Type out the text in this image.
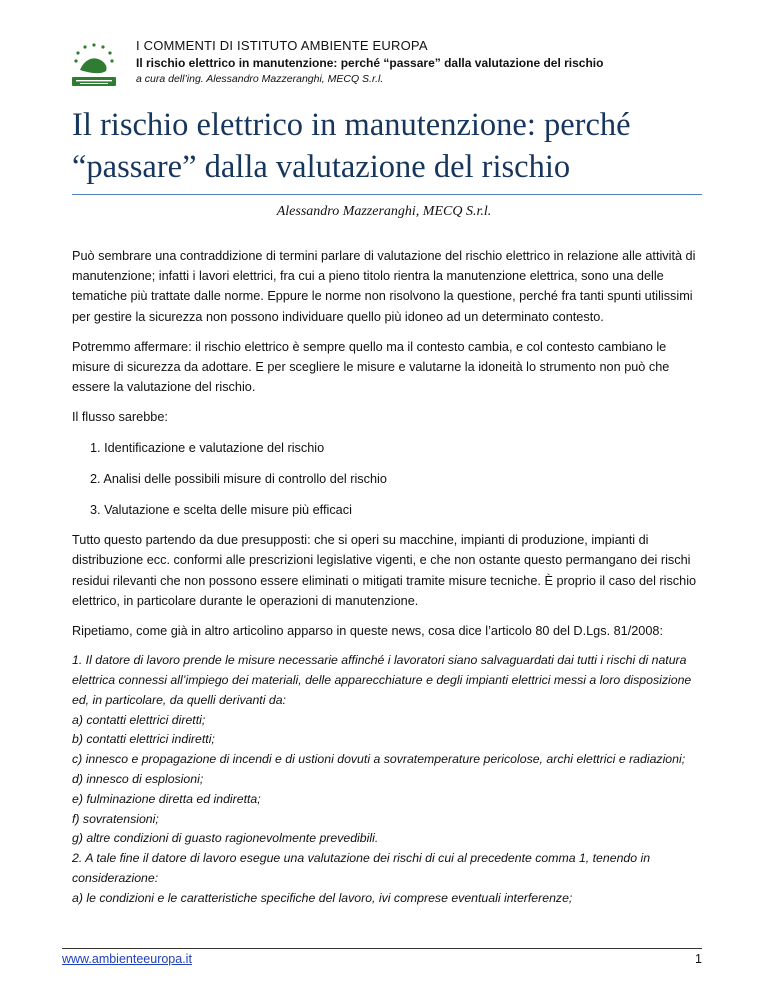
I COMMENTI DI ISTITUTO AMBIENTE EUROPA
Il rischio elettrico in manutenzione: perché “passare” dalla valutazione del rischio
a cura dell’ing. Alessandro Mazzeranghi, MECQ S.r.l.
Il rischio elettrico in manutenzione: perché “passare” dalla valutazione del rischio
Alessandro Mazzeranghi, MECQ S.r.l.

Può sembrare una contraddizione di termini parlare di valutazione del rischio elettrico in relazione alle attività di manutenzione; infatti i lavori elettrici, fra cui a pieno titolo rientra la manutenzione elettrica, sono una delle tematiche più trattate dalle norme. Eppure le norme non risolvono la questione, perché fra tanti spunti utilissimi per gestire la sicurezza non possono individuare quello più idoneo ad un determinato contesto.

Potremmo affermare: il rischio elettrico è sempre quello ma il contesto cambia, e col contesto cambiano le misure di sicurezza da adottare. E per scegliere le misure e valutarne la idoneità lo strumento non può che essere la valutazione del rischio.

Il flusso sarebbe:

1. Identificazione e valutazione del rischio
2. Analisi delle possibili misure di controllo del rischio
3. Valutazione e scelta delle misure più efficaci

Tutto questo partendo da due presupposti: che si operi su macchine, impianti di produzione, impianti di distribuzione ecc. conformi alle prescrizioni legislative vigenti, e che non ostante questo permangano dei rischi residui rilevanti che non possono essere eliminati o mitigati tramite misure tecniche. È proprio il caso del rischio elettrico, in particolare durante le operazioni di manutenzione.

Ripetiamo, come già in altro articolino apparso in queste news, cosa dice l’articolo 80 del D.Lgs. 81/2008:

1. Il datore di lavoro prende le misure necessarie affinché i lavoratori siano salvaguardati dai tutti i rischi di natura elettrica connessi all’impiego dei materiali, delle apparecchiature e degli impianti elettrici messi a loro disposizione ed, in particolare, da quelli derivanti da:
a) contatti elettrici diretti;
b) contatti elettrici indiretti;
c) innesco e propagazione di incendi e di ustioni dovuti a sovratemperature pericolose, archi elettrici e radiazioni;
d) innesco di esplosioni;
e) fulminazione diretta ed indiretta;
f) sovratensioni;
g) altre condizioni di guasto ragionevolmente prevedibili.
2. A tale fine il datore di lavoro esegue una valutazione dei rischi di cui al precedente comma 1, tenendo in considerazione:
a) le condizioni e le caratteristiche specifiche del lavoro, ivi comprese eventuali interferenze;
www.ambienteeuropa.it	1
